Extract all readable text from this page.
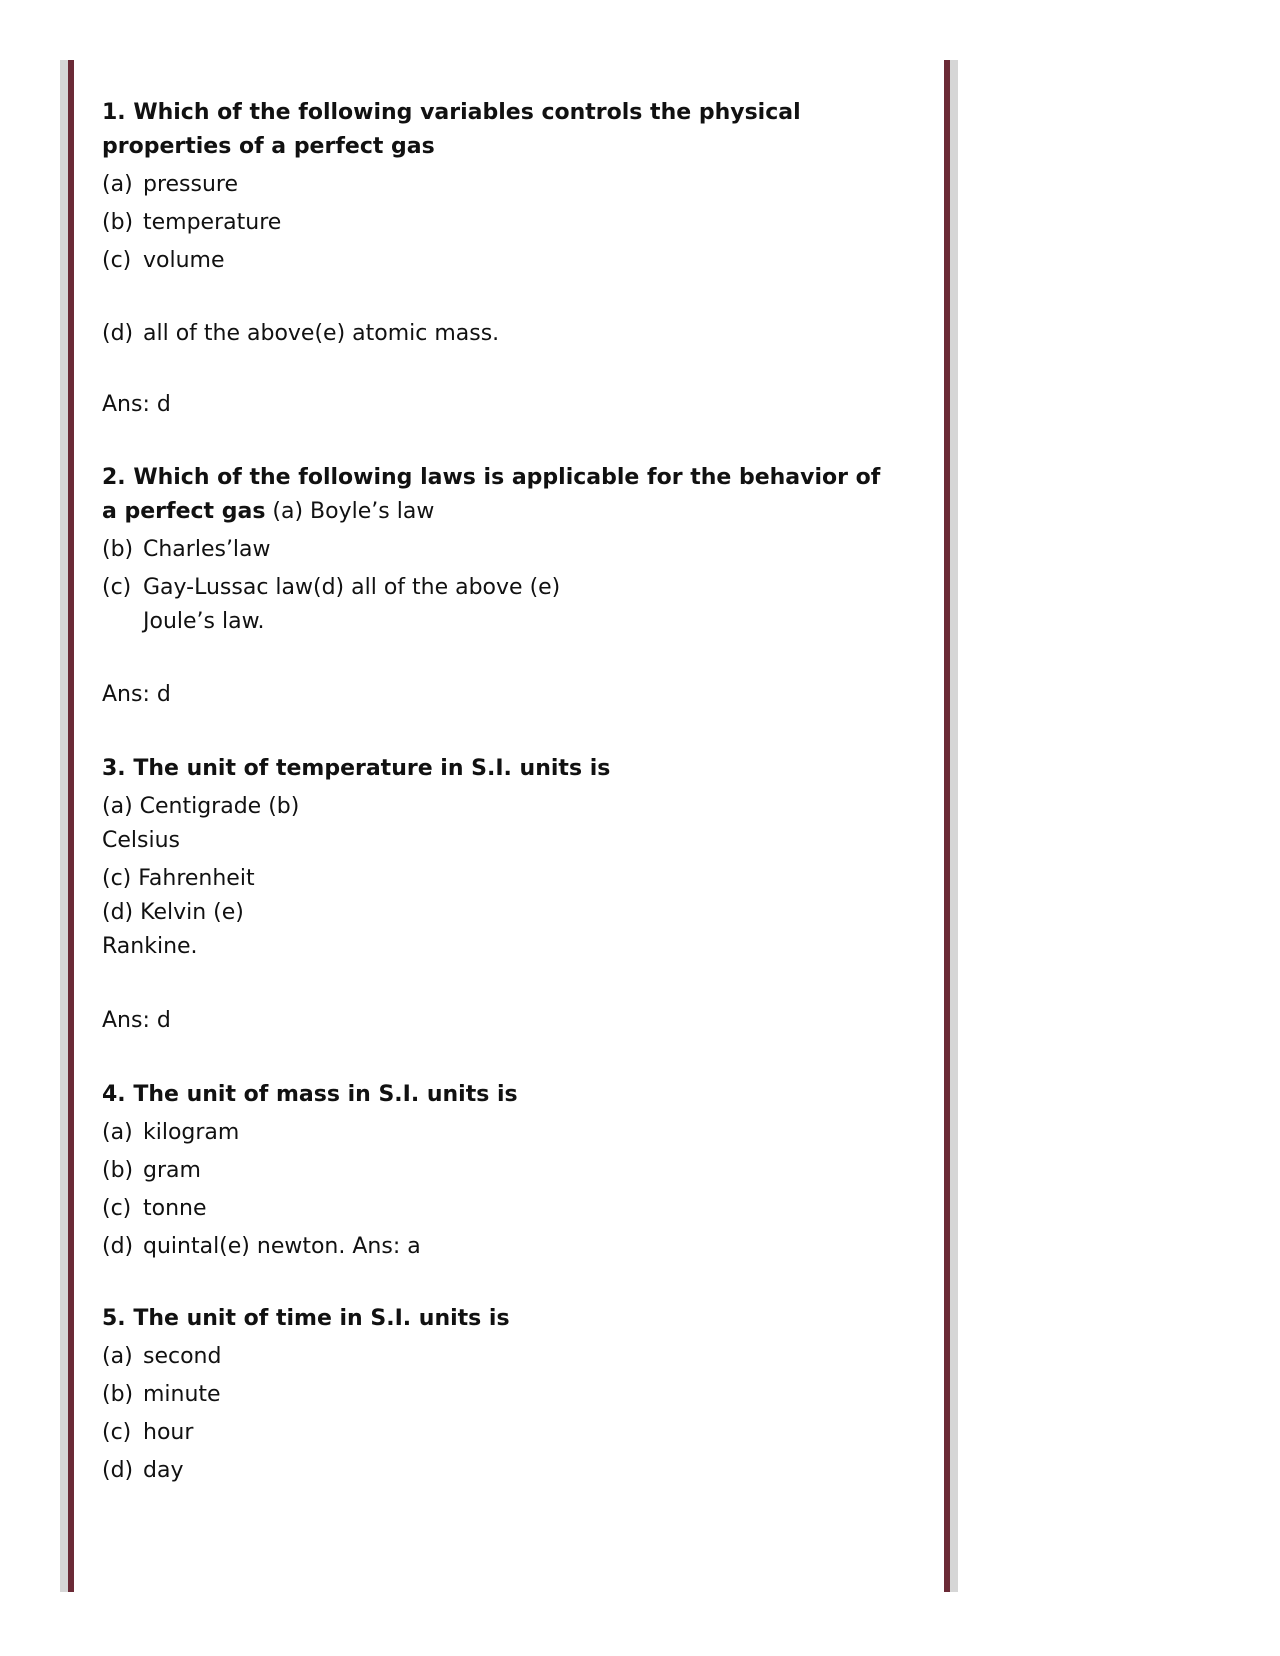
1. Which of the following variables controls the physical properties of a perfect gas

(a) pressure
(b) temperature
(c) volume
(d) all of the above(e) atomic mass.

Ans: d

2. Which of the following laws is applicable for the behavior of a perfect gas (a) Boyle’s law

(b) Charles’law
(c) Gay-Lussac law(d) all of the above (e) Joule’s law.

Ans: d

3. The unit of temperature in S.I. units is

(a) Centigrade (b)

Celsius

(c) Fahrenheit

(d) Kelvin (e)

Rankine.

Ans: d

4. The unit of mass in S.I. units is

(a) kilogram
(b) gram
(c) tonne
(d) quintal(e) newton. Ans: a

5. The unit of time in S.I. units is

(a) second
(b) minute
(c) hour
(d) day
